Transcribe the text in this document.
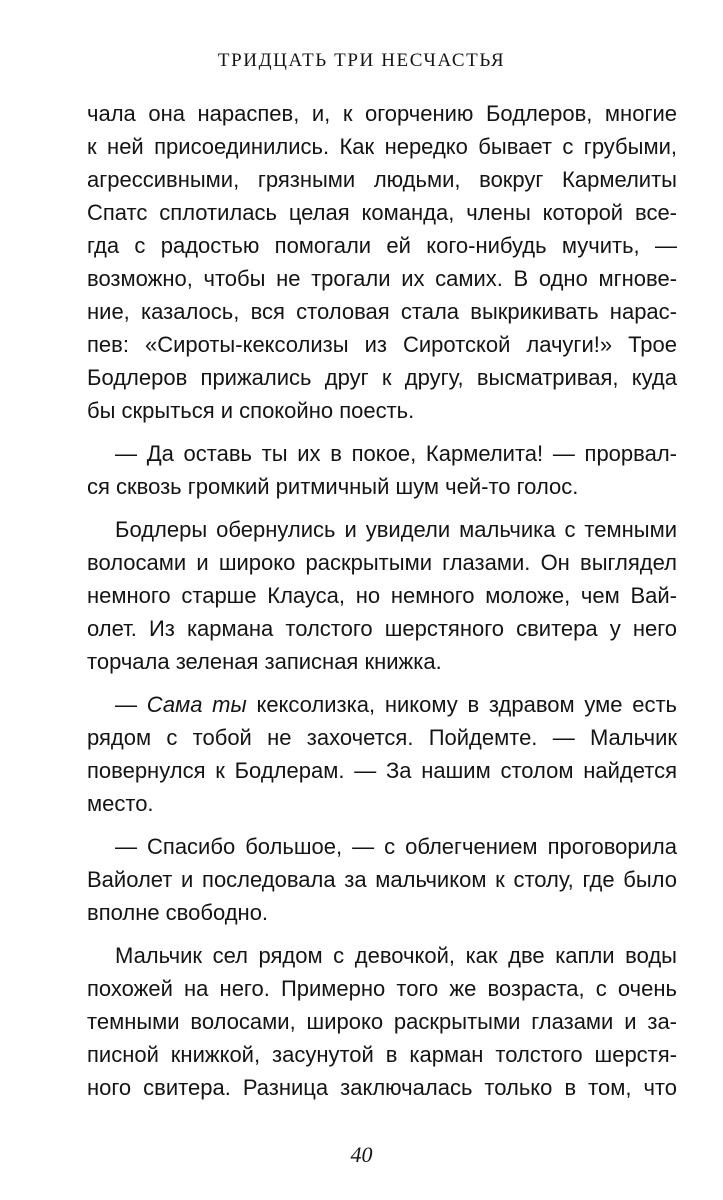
ТРИДЦАТЬ ТРИ НЕСЧАСТЬЯ
чала она нараспев, и, к огорчению Бодлеров, многие
к ней присоединились. Как нередко бывает с грубыми,
агрессивными, грязными людьми, вокруг Кармелиты
Спатс сплотилась целая команда, члены которой все-
гда с радостью помогали ей кого-нибудь мучить, —
возможно, чтобы не трогали их самих. В одно мгнове-
ние, казалось, вся столовая стала выкрикивать нарас-
пев: «Сироты-кексолизы из Сиротской лачуги!» Трое
Бодлеров прижались друг к другу, высматривая, куда
бы скрыться и спокойно поесть.
— Да оставь ты их в покое, Кармелита! — прорвал-
ся сквозь громкий ритмичный шум чей-то голос.
Бодлеры обернулись и увидели мальчика с темными
волосами и широко раскрытыми глазами. Он выглядел
немного старше Клауса, но немного моложе, чем Вай-
олет. Из кармана толстого шерстяного свитера у него
торчала зеленая записная книжка.
— Сама ты кексолизка, никому в здравом уме есть
рядом с тобой не захочется. Пойдемте. — Мальчик
повернулся к Бодлерам. — За нашим столом найдется
место.
— Спасибо большое, — с облегчением проговорила
Вайолет и последовала за мальчиком к столу, где было
вполне свободно.
Мальчик сел рядом с девочкой, как две капли воды
похожей на него. Примерно того же возраста, с очень
темными волосами, широко раскрытыми глазами и за-
писной книжкой, засунутой в карман толстого шерстя-
ного свитера. Разница заключалась только в том, что
40
